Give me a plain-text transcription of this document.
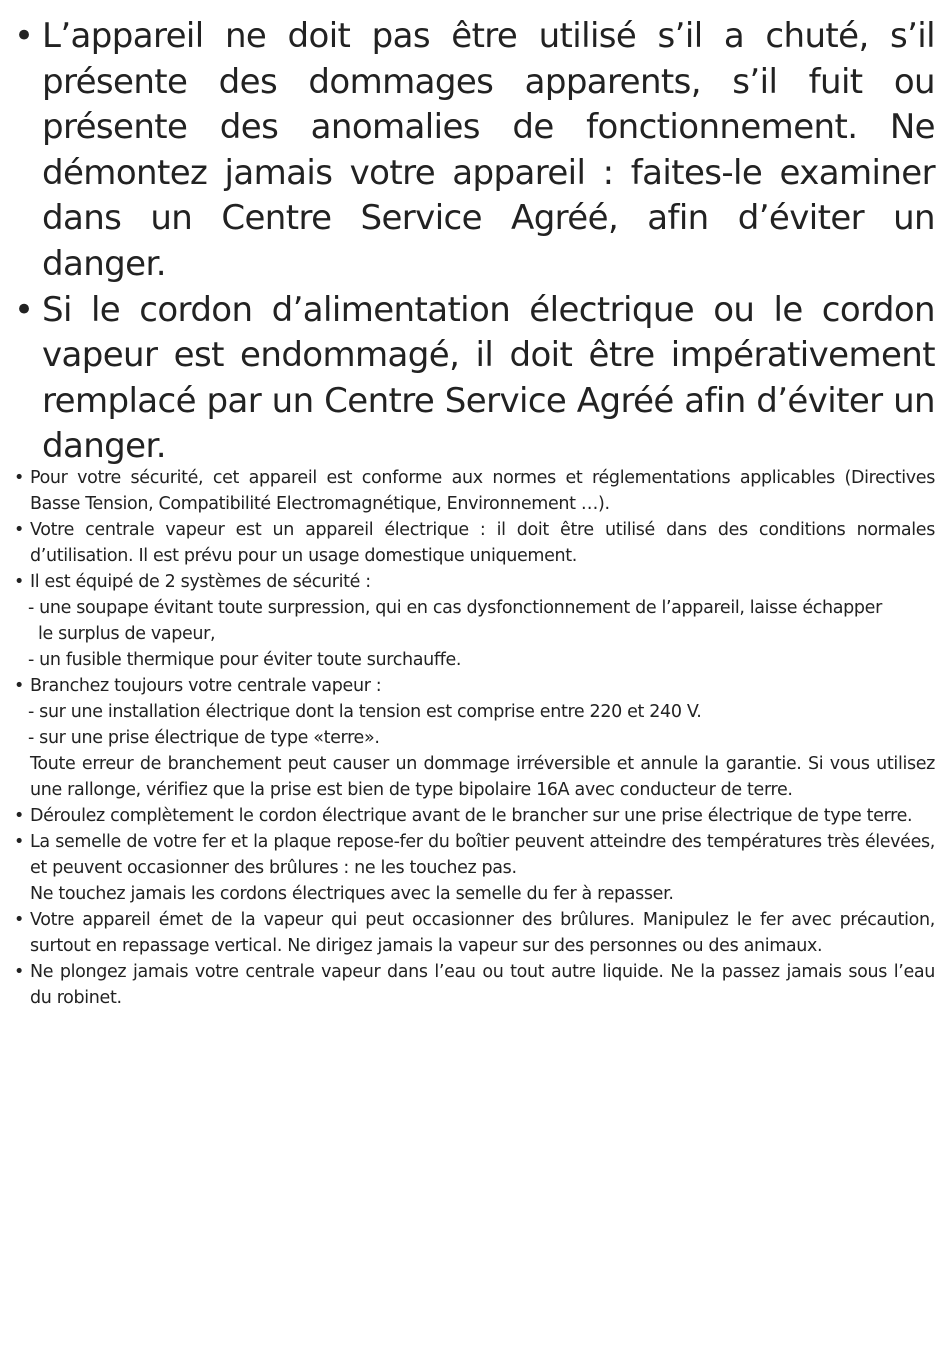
• L’appareil ne doit pas être utilisé s’il a chuté, s’il présente des dommages apparents, s’il fuit ou présente des anomalies de fonctionnement. Ne démontez jamais votre appareil : faites-le examiner dans un Centre Service Agréé, afin d’éviter un danger.
• Si le cordon d’alimentation électrique ou le cordon vapeur est endommagé, il doit être impérativement remplacé par un Centre Service Agréé afin d’éviter un danger.
• Pour votre sécurité, cet appareil est conforme aux normes et réglementations applicables (Directives Basse Tension, Compatibilité Electromagnétique, Environnement …).
• Votre centrale vapeur est un appareil électrique : il doit être utilisé dans des conditions normales d’utilisation. Il est prévu pour un usage domestique uniquement.
• Il est équipé de 2 systèmes de sécurité :
- une soupape évitant toute surpression, qui en cas dysfonctionnement de l’appareil, laisse échapper
le surplus de vapeur,
- un fusible thermique pour éviter toute surchauffe.
• Branchez toujours votre centrale vapeur :
- sur une installation électrique dont la tension est comprise entre 220 et 240 V.
- sur une prise électrique de type «terre».
Toute erreur de branchement peut causer un dommage irréversible et annule la garantie. Si vous utilisez une rallonge, vérifiez que la prise est bien de type bipolaire 16A avec conducteur de terre.
• Déroulez complètement le cordon électrique avant de le brancher sur une prise électrique de type terre.
• La semelle de votre fer et la plaque repose-fer du boîtier peuvent atteindre des températures très élevées, et peuvent occasionner des brûlures : ne les touchez pas.
Ne touchez jamais les cordons électriques avec la semelle du fer à repasser.
• Votre appareil émet de la vapeur qui peut occasionner des brûlures. Manipulez le fer avec précaution, surtout en repassage vertical. Ne dirigez jamais la vapeur sur des personnes ou des animaux.
• Ne plongez jamais votre centrale vapeur dans l’eau ou tout autre liquide. Ne la passez jamais sous l’eau du robinet.
